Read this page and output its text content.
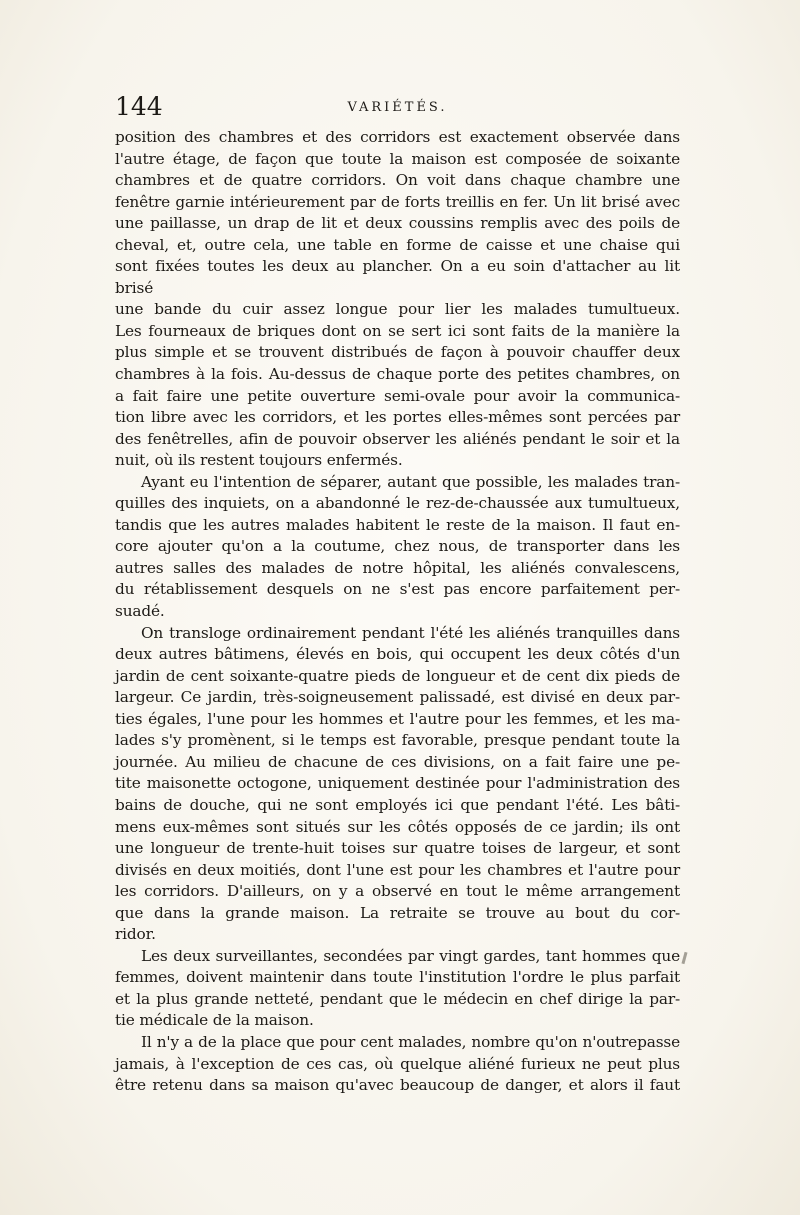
144	VARIÉTÉS.

position des chambres et des corridors est exactement observée dans

l'autre étage, de façon que toute la maison est composée de soixante

chambres et de quatre corridors. On voit dans chaque chambre une

fenêtre garnie intérieurement par de forts treillis en fer. Un lit brisé avec

une paillasse, un drap de lit et deux coussins remplis avec des poils de

cheval, et, outre cela, une table en forme de caisse et une chaise qui

sont fixées toutes les deux au plancher. On a eu soin d'attacher au lit brisé

une bande du cuir assez longue pour lier les malades tumultueux.

Les fourneaux de briques dont on se sert ici sont faits de la manière la

plus simple et se trouvent distribués de façon à pouvoir chauffer deux

chambres à la fois. Au-dessus de chaque porte des petites chambres, on

a fait faire une petite ouverture semi-ovale pour avoir la communica-

tion libre avec les corridors, et les portes elles-mêmes sont percées par

des fenêtrelles, afin de pouvoir observer les aliénés pendant le soir et la

nuit, où ils restent toujours enfermés.

Ayant eu l'intention de séparer, autant que possible, les malades tran-

quilles des inquiets, on a abandonné le rez-de-chaussée aux tumultueux,

tandis que les autres malades habitent le reste de la maison. Il faut en-

core ajouter qu'on a la coutume, chez nous, de transporter dans les

autres salles des malades de notre hôpital, les aliénés convalescens,

du rétablissement desquels on ne s'est pas encore parfaitement per-

suadé.

On transloge ordinairement pendant l'été les aliénés tranquilles dans

deux autres bâtimens, élevés en bois, qui occupent les deux côtés d'un

jardin de cent soixante-quatre pieds de longueur et de cent dix pieds de

largeur. Ce jardin, très-soigneusement palissadé, est divisé en deux par-

ties égales, l'une pour les hommes et l'autre pour les femmes, et les ma-

lades s'y promènent, si le temps est favorable, presque pendant toute la

journée. Au milieu de chacune de ces divisions, on a fait faire une pe-

tite maisonette octogone, uniquement destinée pour l'administration des

bains de douche, qui ne sont employés ici que pendant l'été. Les bâti-

mens eux-mêmes sont situés sur les côtés opposés de ce jardin; ils ont

une longueur de trente-huit toises sur quatre toises de largeur, et sont

divisés en deux moitiés, dont l'une est pour les chambres et l'autre pour

les corridors. D'ailleurs, on y a observé en tout le même arrangement

que dans la grande maison. La retraite se trouve au bout du cor-

ridor.

Les deux surveillantes, secondées par vingt gardes, tant hommes que

femmes, doivent maintenir dans toute l'institution l'ordre le plus parfait

et la plus grande netteté, pendant que le médecin en chef dirige la par-

tie médicale de la maison.

Il n'y a de la place que pour cent malades, nombre qu'on n'outrepasse

jamais, à l'exception de ces cas, où quelque aliéné furieux ne peut plus

être retenu dans sa maison qu'avec beaucoup de danger, et alors il faut
